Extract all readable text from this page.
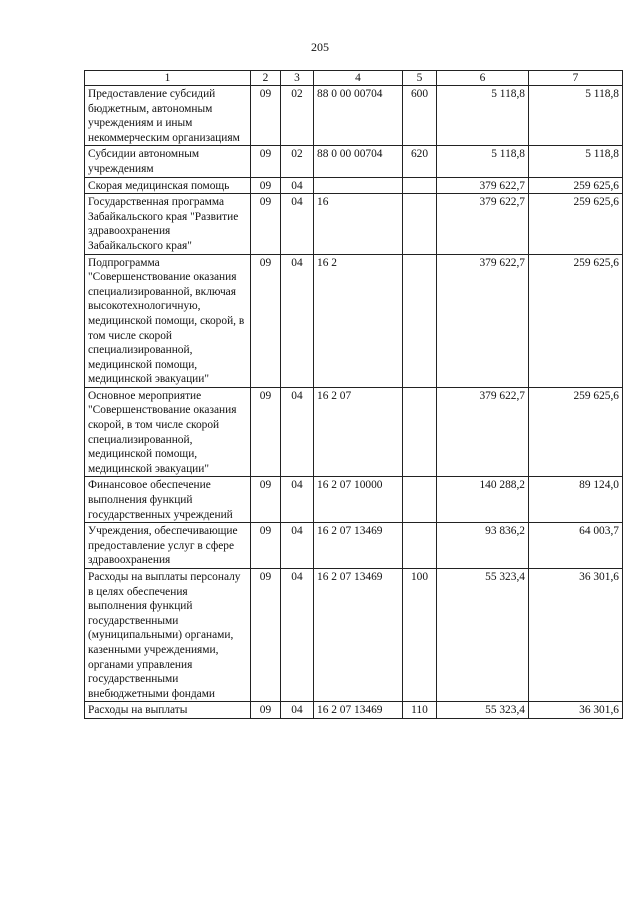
205
1	2	3	4	5	6	7
Предоставление субсидий бюджетным, автономным учреждениям и иным некоммерческим организациям	09	02	88 0 00 00704	600	5 118,8	5 118,8
Субсидии автономным учреждениям	09	02	88 0 00 00704	620	5 118,8	5 118,8
Скорая медицинская помощь	09	04			379 622,7	259 625,6
Государственная программа Забайкальского края "Развитие здравоохранения Забайкальского края"	09	04	16		379 622,7	259 625,6
Подпрограмма "Совершенствование оказания специализированной, включая высокотехнологичную, медицинской помощи, скорой, в том числе скорой специализированной, медицинской помощи, медицинской эвакуации"	09	04	16 2		379 622,7	259 625,6
Основное мероприятие "Совершенствование оказания скорой, в том числе скорой специализированной, медицинской помощи, медицинской эвакуации"	09	04	16 2 07		379 622,7	259 625,6
Финансовое обеспечение выполнения функций государственных учреждений	09	04	16 2 07 10000		140 288,2	89 124,0
Учреждения, обеспечивающие предоставление услуг в сфере здравоохранения	09	04	16 2 07 13469		93 836,2	64 003,7
Расходы на выплаты персоналу в целях обеспечения выполнения функций государственными (муниципальными) органами, казенными учреждениями, органами управления государственными внебюджетными фондами	09	04	16 2 07 13469	100	55 323,4	36 301,6
Расходы на выплаты	09	04	16 2 07 13469	110	55 323,4	36 301,6
